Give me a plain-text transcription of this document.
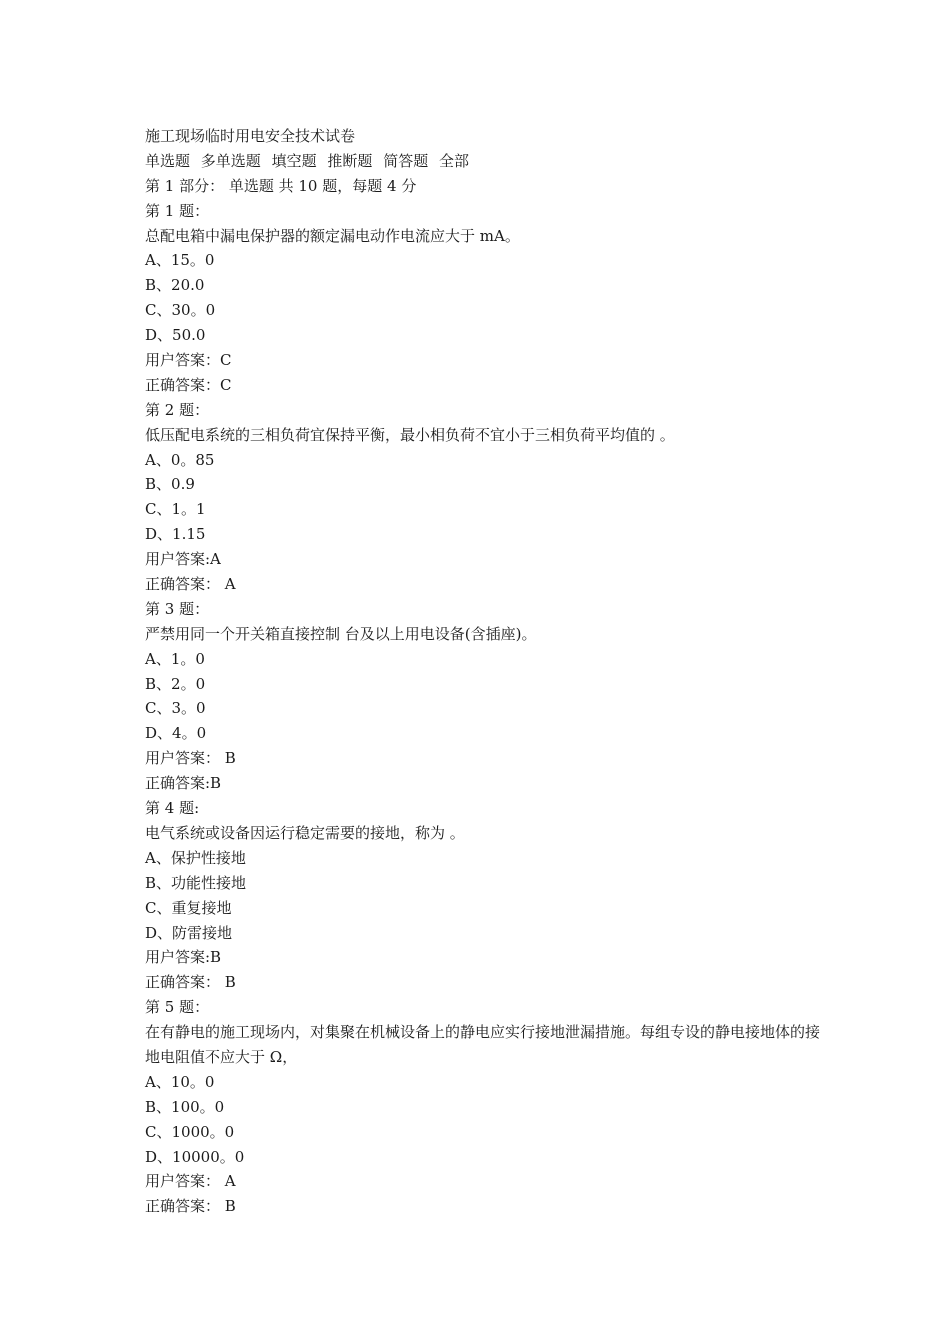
施工现场临时用电安全技术试卷
单选题 多单选题 填空题 推断题 简答题 全部
第 1 部分： 单选题 共 10 题，每题 4 分
第 1 题：
总配电箱中漏电保护器的额定漏电动作电流应大于 mA。
A、15。0
B、20.0
C、30。0
D、50.0
用户答案：C
正确答案：C
第 2 题：
低压配电系统的三相负荷宜保持平衡，最小相负荷不宜小于三相负荷平均值的 。
A、0。85
B、0.9
C、1。1
D、1.15
用户答案:A
正确答案： A
第 3 题：
严禁用同一个开关箱直接控制 台及以上用电设备(含插座)。
A、1。0
B、2。0
C、3。0
D、4。0
用户答案： B
正确答案:B
第 4 题:
电气系统或设备因运行稳定需要的接地，称为 。
A、保护性接地
B、功能性接地
C、重复接地
D、防雷接地
用户答案:B
正确答案： B
第 5 题：
在有静电的施工现场内，对集聚在机械设备上的静电应实行接地泄漏措施。每组专设的静电接地体的接地电阻值不应大于 Ω，
A、10。0
B、100。0
C、1000。0
D、10000。0
用户答案： A
正确答案： B
